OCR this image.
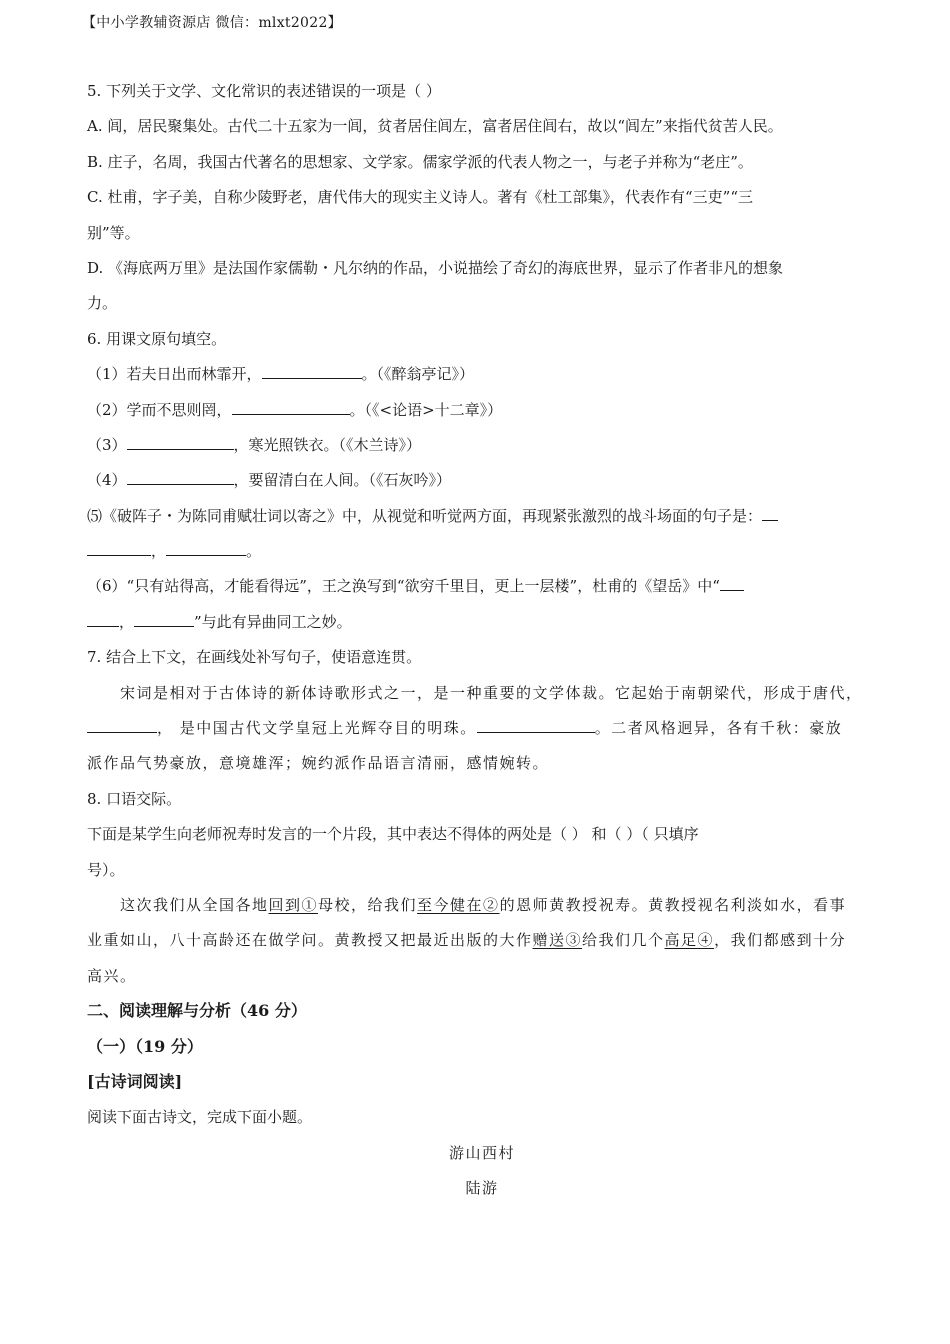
【中小学教辅资源店 微信：mlxt2022】
5. 下列关于文学、文化常识的表述错误的一项是（ ）
A. 闾，居民聚集处。古代二十五家为一闾，贫者居住闾左，富者居住闾右，故以“闾左”来指代贫苦人民。
B. 庄子，名周，我国古代著名的思想家、文学家。儒家学派的代表人物之一，与老子并称为“老庄”。
C. 杜甫，字子美，自称少陵野老，唐代伟大的现实主义诗人。著有《杜工部集》，代表作有“三吏”“三
别”等。
D. 《海底两万里》是法国作家儒勒・凡尔纳的作品，小说描绘了奇幻的海底世界，显示了作者非凡的想象
力。
6. 用课文原句填空。
（1）若夫日出而林霏开，	。（《醉翁亭记》）
（2）学而不思则罔，	。（《<论语>十二章》）
（3）	，寒光照铁衣。（《木兰诗》）
（4）	，要留清白在人间。（《石灰吟》）
⑸《破阵子・为陈同甫赋壮词以寄之》中，从视觉和听觉两方面，再现紧张激烈的战斗场面的句子是：
，	。
（6）“只有站得高，才能看得远”，王之涣写到“欲穷千里目，更上一层楼”，杜甫的《望岳》中“
，	”与此有异曲同工之妙。
7. 结合上下文，在画线处补写句子，使语意连贯。
宋词是相对于古体诗的新体诗歌形式之一，是一种重要的文学体裁。它起始于南朝梁代，形成于唐代，
， 是中国古代文学皇冠上光辉夺目的明珠。	。二者风格迥异，各有千秋：豪放
派作品气势豪放，意境雄浑；婉约派作品语言清丽，感情婉转。
8. 口语交际。
下面是某学生向老师祝寿时发言的一个片段，其中表达不得体的两处是（ ） 和（ ）（ 只填序
号）。
这次我们从全国各地回到①母校，给我们至今健在②的恩师黄教授祝寿。黄教授视名利淡如水，看事
业重如山，八十高龄还在做学问。黄教授又把最近出版的大作赠送③给我们几个高足④，我们都感到十分
高兴。
二、阅读理解与分析（46 分）
（一）（19 分）
[古诗词阅读]
阅读下面古诗文，完成下面小题。
游山西村
陆游
